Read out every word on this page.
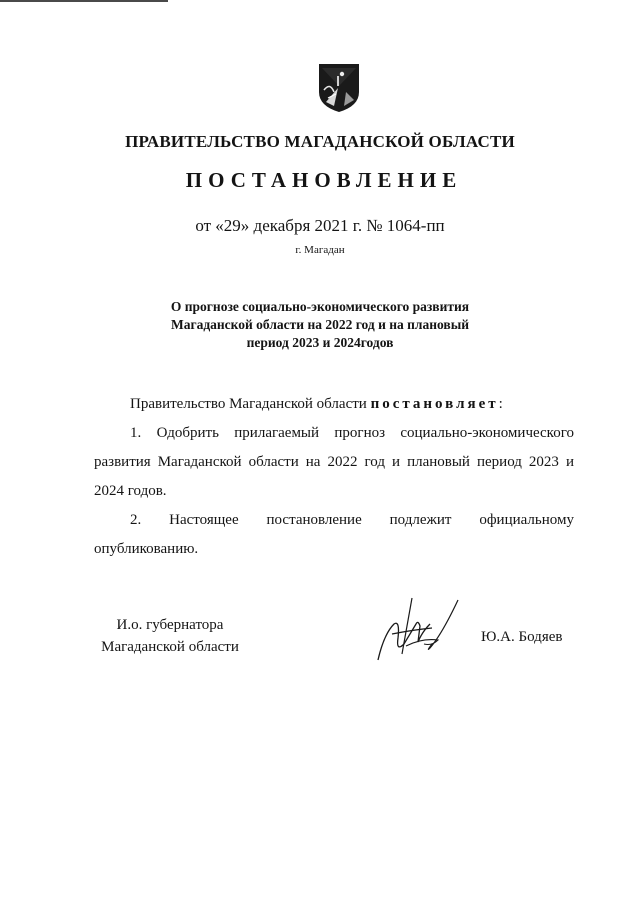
ПРАВИТЕЛЬСТВО МАГАДАНСКОЙ ОБЛАСТИ
ПОСТАНОВЛЕНИЕ
от «29» декабря 2021 г. № 1064-пп
г. Магадан
О прогнозе социально-экономического развития
Магаданской области на 2022 год и на плановый
период 2023 и 2024годов

Правительство Магаданской области постановляет:

1. Одобрить прилагаемый прогноз социально-экономического развития Магаданской области на 2022 год и плановый период 2023 и 2024 годов.

2. Настоящее постановление подлежит официальному опубликованию.

И.о. губернатора
Магаданской области
Ю.А. Бодяев
